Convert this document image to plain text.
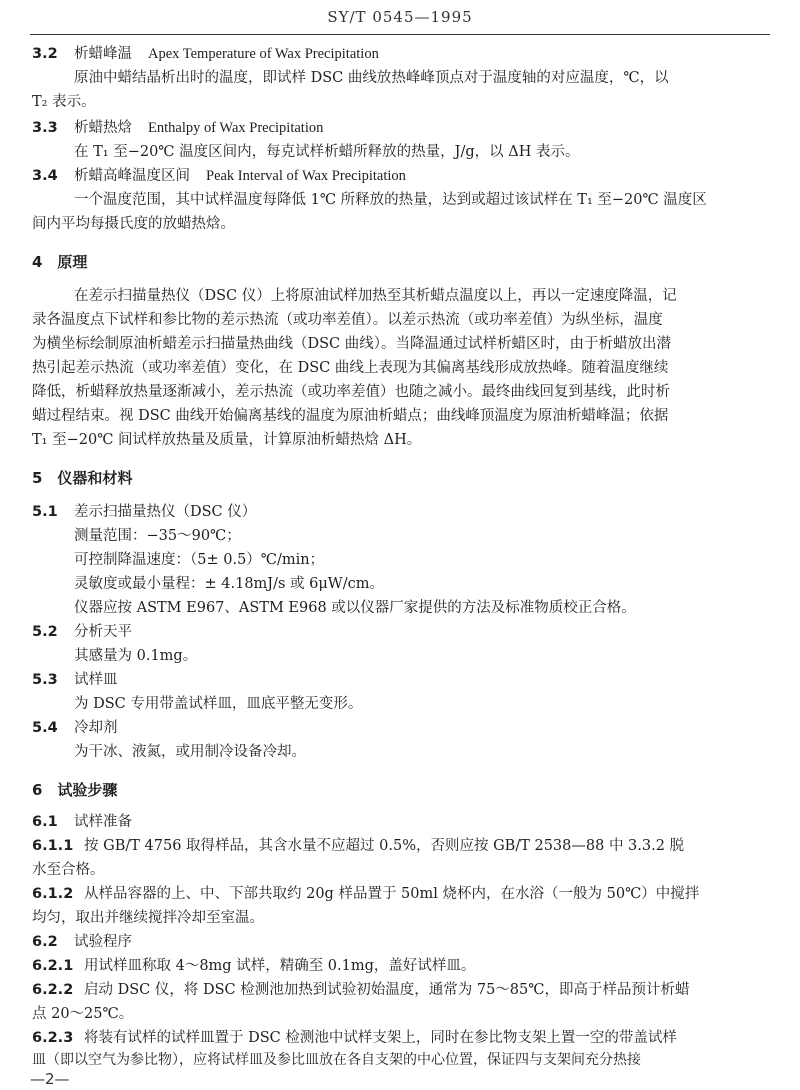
SY/T 0545—1995
3.2 析蜡峰温 Apex Temperature of Wax Precipitation
原油中蜡结晶析出时的温度，即试样 DSC 曲线放热峰峰顶点对于温度轴的对应温度，℃，以
T₂ 表示。
3.3 析蜡热焓 Enthalpy of Wax Precipitation
在 T₁ 至−20℃ 温度区间内，每克试样析蜡所释放的热量，J/g，以 ΔH 表示。
3.4 析蜡高峰温度区间 Peak Interval of Wax Precipitation
一个温度范围，其中试样温度每降低 1℃ 所释放的热量，达到或超过该试样在 T₁ 至−20℃ 温度区
间内平均每摄氏度的放蜡热焓。
4　原理
在差示扫描量热仪（DSC 仪）上将原油试样加热至其析蜡点温度以上，再以一定速度降温，记
录各温度点下试样和参比物的差示热流（或功率差值）。以差示热流（或功率差值）为纵坐标，温度
为横坐标绘制原油析蜡差示扫描量热曲线（DSC 曲线）。当降温通过试样析蜡区时，由于析蜡放出潜
热引起差示热流（或功率差值）变化，在 DSC 曲线上表现为其偏离基线形成放热峰。随着温度继续
降低，析蜡释放热量逐渐减小，差示热流（或功率差值）也随之减小。最终曲线回复到基线，此时析
蜡过程结束。视 DSC 曲线开始偏离基线的温度为原油析蜡点；曲线峰顶温度为原油析蜡峰温；依据
T₁ 至−20℃ 间试样放热量及质量，计算原油析蜡热焓 ΔH。
5　仪器和材料
5.1 差示扫描量热仪（DSC 仪）
测量范围：−35～90℃；
可控制降温速度：（5± 0.5）℃/min；
灵敏度或最小量程：± 4.18mJ/s 或 6μW/cm。
仪器应按 ASTM E967、ASTM E968 或以仪器厂家提供的方法及标准物质校正合格。
5.2 分析天平
其感量为 0.1mg。
5.3 试样皿
为 DSC 专用带盖试样皿，皿底平整无变形。
5.4 冷却剂
为干冰、液氮，或用制冷设备冷却。
6　试验步骤
6.1 试样准备
6.1.1 按 GB/T 4756 取得样品，其含水量不应超过 0.5%，否则应按 GB/T 2538—88 中 3.3.2 脱
水至合格。
6.1.2 从样品容器的上、中、下部共取约 20g 样品置于 50ml 烧杯内，在水浴（一般为 50℃）中搅拌
均匀，取出并继续搅拌冷却至室温。
6.2 试验程序
6.2.1 用试样皿称取 4～8mg 试样，精确至 0.1mg，盖好试样皿。
6.2.2 启动 DSC 仪，将 DSC 检测池加热到试验初始温度，通常为 75～85℃，即高于样品预计析蜡
点 20～25℃。
6.2.3 将装有试样的试样皿置于 DSC 检测池中试样支架上，同时在参比物支架上置一空的带盖试样
皿（即以空气为参比物），应将试样皿及参比皿放在各自支架的中心位置，保证四与支架间充分热接
—2—
